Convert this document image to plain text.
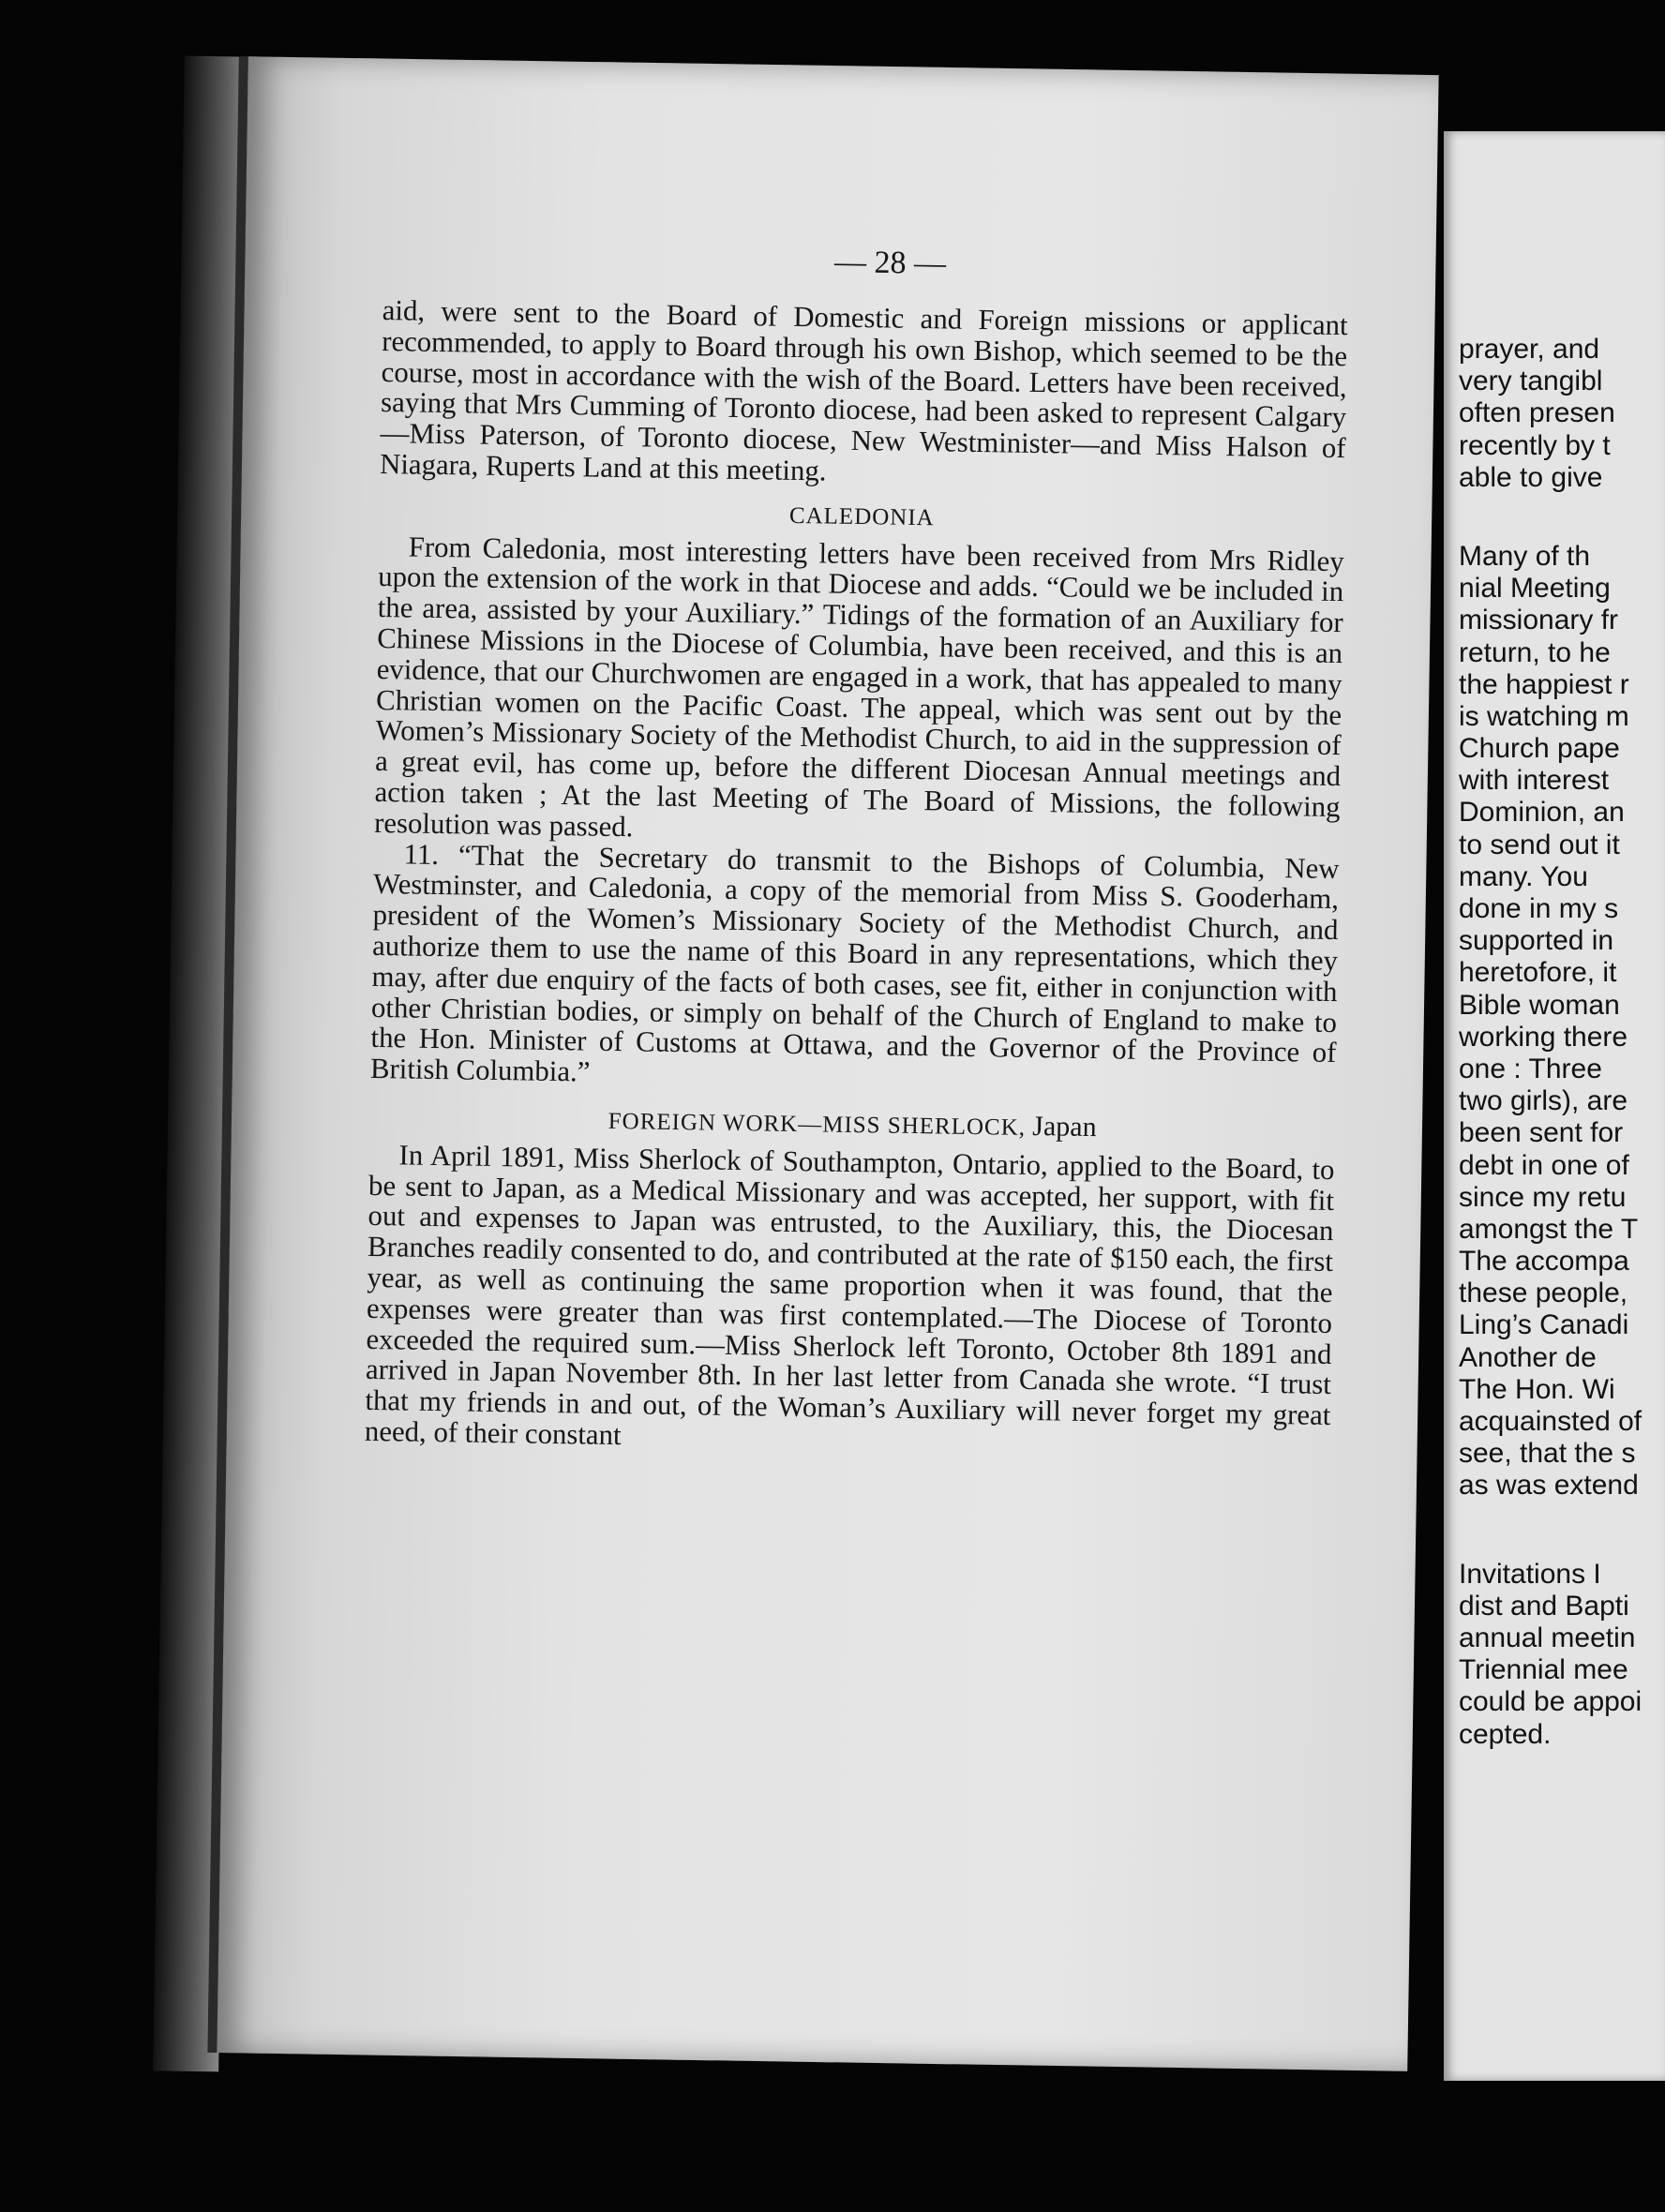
— 28 —

aid, were sent to the Board of Domestic and Foreign missions or applicant recommended, to apply to Board through his own Bishop, which seemed to be the course, most in accordance with the wish of the Board. Letters have been received, saying that Mrs Cumming of Toronto diocese, had been asked to represent Calgary—Miss Paterson, of Toronto diocese, New Westminister—and Miss Halson of Niagara, Ruperts Land at this meeting.

CALEDONIA

From Caledonia, most interesting letters have been received from Mrs Ridley upon the extension of the work in that Diocese and adds. “Could we be included in the area, assisted by your Auxiliary.” Tidings of the formation of an Auxiliary for Chinese Missions in the Diocese of Columbia, have been received, and this is an evidence, that our Churchwomen are engaged in a work, that has appealed to many Christian women on the Pacific Coast. The appeal, which was sent out by the Women’s Missionary Society of the Methodist Church, to aid in the suppression of a great evil, has come up, before the different Diocesan Annual meetings and action taken ; At the last Meeting of The Board of Missions, the following resolution was passed.

11. “That the Secretary do transmit to the Bishops of Columbia, New Westminster, and Caledonia, a copy of the memorial from Miss S. Gooderham, president of the Women’s Missionary Society of the Methodist Church, and authorize them to use the name of this Board in any representations, which they may, after due enquiry of the facts of both cases, see fit, either in conjunction with other Christian bodies, or simply on behalf of the Church of England to make to the Hon. Minister of Customs at Ottawa, and the Governor of the Province of British Columbia.”

FOREIGN WORK—MISS SHERLOCK, Japan

In April 1891, Miss Sherlock of Southampton, Ontario, applied to the Board, to be sent to Japan, as a Medical Missionary and was accepted, her support, with fit out and expenses to Japan was entrusted, to the Auxiliary, this, the Diocesan Branches readily consented to do, and contributed at the rate of $150 each, the first year, as well as continuing the same proportion when it was found, that the expenses were greater than was first contemplated.—The Diocese of Toronto exceeded the required sum.—Miss Sherlock left Toronto, October 8th 1891 and arrived in Japan November 8th. In her last letter from Canada she wrote. “I trust that my friends in and out, of the Woman’s Auxiliary will never forget my great need, of their constant

prayer, and
very tangibl
often presen
recently by t
able to give
Many of th
nial Meeting
missionary fr
return, to he
the happiest r
is watching m
Church pape
with interest
Dominion, an
to send out it
many. You
done in my s
supported in
heretofore, it
Bible woman
working there
one : Three
two girls), are
been sent for
debt in one of
since my retu
amongst the T
The accompa
these people,
Ling’s Canadi
Another de
The Hon. Wi
acquainsted of
see, that the s
as was extend
Invitations I
dist and Bapti
annual meetin
Triennial mee
could be appoi
cepted.
